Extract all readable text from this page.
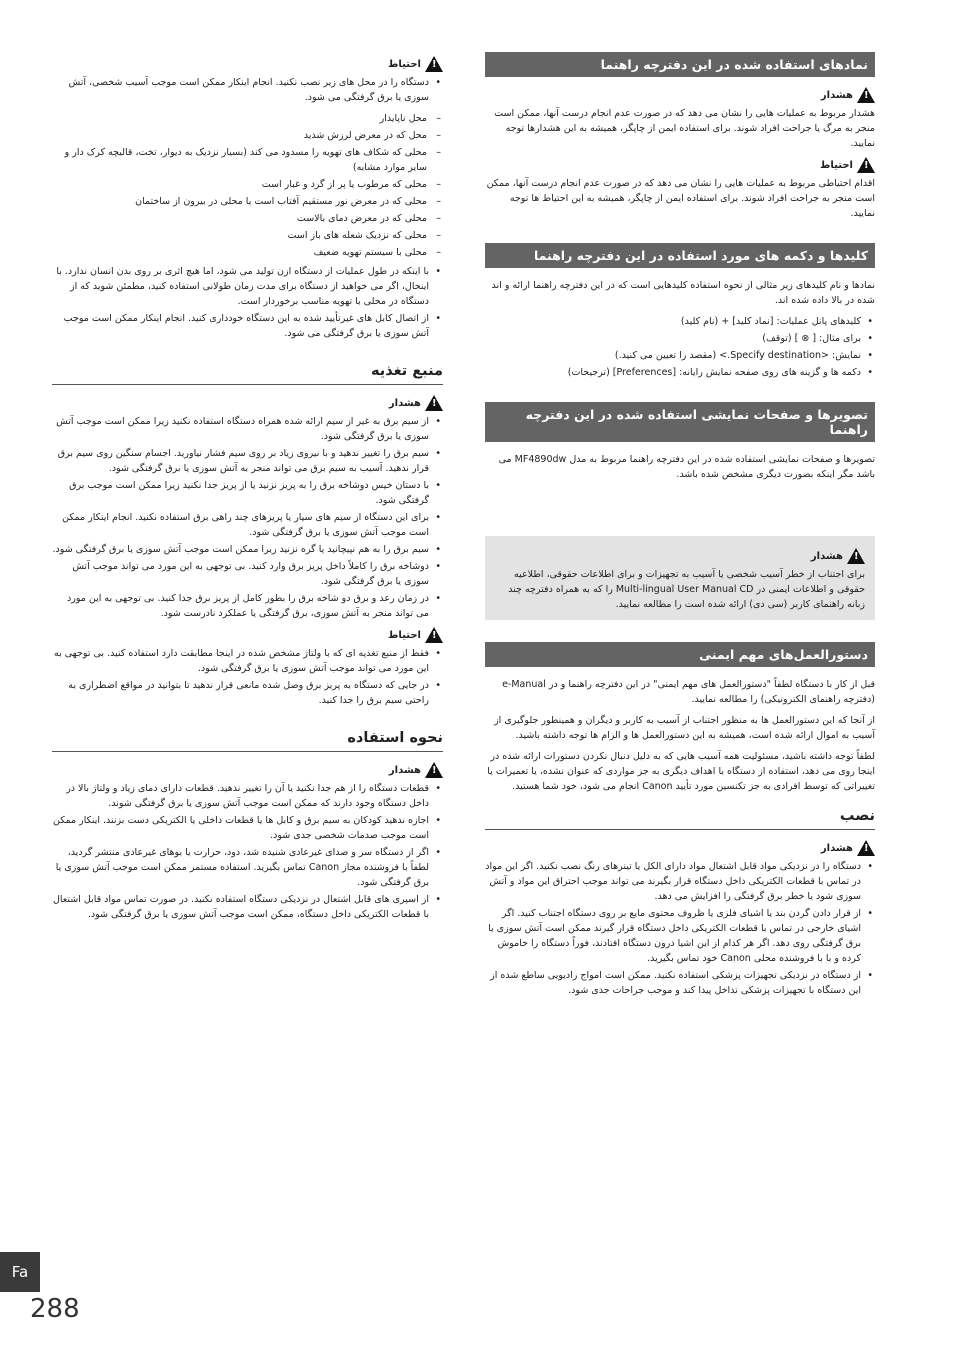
!
احتیاط
• دستگاه را در محل های زیر نصب نکنید. انجام اینکار ممکن است موجب آسیب شخصی، آتش سوزی یا برق گرفتگی می شود.
– محل ناپایدار
– محل که در معرض لرزش شدید
– محلی که شکاف های تهویه را مسدود می کند (بسیار نزدیک به دیوار، تخت، قالیچه کرک دار و سایر موارد مشابه)
– محلی که مرطوب یا پر از گرد و غبار است
– محلی که در معرض نور مستقیم آفتاب است یا محلی در بیرون از ساختمان
– محلی که در معرض دمای بالاست
– محلی که نزدیک شعله های باز است
– محلی با سیستم تهویه ضعیف
• با اینکه در طول عملیات از دستگاه ازن تولید می شود، اما هیچ اثری بر روی بدن انسان ندارد. با اینحال، اگر می خواهید از دستگاه برای مدت زمان طولانی استفاده کنید، مطمئن شوید که از دستگاه در محلی با تهویه مناسب برخوردار است.
• از اتصال کابل های غیرتأیید شده به این دستگاه خودداری کنید. انجام اینکار ممکن است موجب آتش سوزی یا برق گرفتگی می شود.
منبع تغذیه
!
هشدار
• از سیم برق به غیر از سیم ارائه شده همراه دستگاه استفاده نکنید زیرا ممکن است موجب آتش سوزی یا برق گرفتگی شود.
• سیم برق را تغییر ندهید و با نیروی زیاد بر روی سیم فشار نیاورید. اجسام سنگین روی سیم برق قرار ندهید. آسیب به سیم برق می تواند منجر به آتش سوزی یا برق گرفتگی شود.
• با دستان خیس دوشاخه برق را به پریز نزنید یا از پریز جدا نکنید زیرا ممکن است موجب برق گرفتگی شود.
• برای این دستگاه از سیم های سیار یا پریزهای چند راهی برق استفاده نکنید. انجام اینکار ممکن است موجب آتش سوزی یا برق گرفتگی شود.
• سیم برق را به هم نپیچانید یا گره نزنید زیرا ممکن است موجب آتش سوزی یا برق گرفتگی شود.
• دوشاخه برق را کاملاً داخل پریز برق وارد کنید. بی توجهی به این مورد می تواند موجب آتش سوزی یا برق گرفتگی شود.
• در زمان رعد و برق دو شاخه برق را بطور کامل از پریز برق جدا کنید. بی توجهی به این مورد می تواند منجر به آتش سوزی، برق گرفتگی یا عملکرد نادرست شود.
!
احتیاط
• فقط از منبع تغذیه ای که با ولتاژ مشخص شده در اینجا مطابقت دارد استفاده کنید. بی توجهی به این مورد می تواند موجب آتش سوزی یا برق گرفتگی شود.
• در جایی که دستگاه به پریز برق وصل شده مانعی قرار ندهید تا بتوانید در مواقع اضطراری به راحتی سیم برق را جدا کنید.
نحوه استفاده
!
هشدار
• قطعات دستگاه را از هم جدا نکنید یا آن را تغییر ندهید. قطعات دارای دمای زیاد و ولتاژ بالا در داخل دستگاه وجود دارند که ممکن است موجب آتش سوزی یا برق گرفتگی شوند.
• اجازه ندهید کودکان به سیم برق و کابل ها یا قطعات داخلی یا الکتریکی دست بزنند. اینکار ممکن است موجب صدمات شخصی جدی شود.
• اگر از دستگاه سر و صدای غیرعادی شنیده شد، دود، حرارت یا بوهای غیرعادی منتشر گردید، لطفاً با فروشنده مجاز Canon تماس بگیرید. استفاده مستمر ممکن است موجب آتش سوزی یا برق گرفتگی شود.
• از اسپری های قابل اشتعال در نزدیکی دستگاه استفاده نکنید. در صورت تماس مواد قابل اشتعال با قطعات الکتریکی داخل دستگاه، ممکن است موجب آتش سوزی یا برق گرفتگی شود.
نمادهای استفاده شده در این دفترچه راهنما
!
هشدار

هشدار مربوط به عملیات هایی را نشان می دهد که در صورت عدم انجام درست آنها، ممکن است منجر به مرگ یا جراحت افراد شوند. برای استفاده ایمن از چاپگر، همیشه به این هشدارها توجه نمایید.

!
احتیاط

اقدام احتیاطی مربوط به عملیات هایی را نشان می دهد که در صورت عدم انجام درست آنها، ممکن است منجر به جراحت افراد شوند. برای استفاده ایمن از چاپگر، همیشه به این احتیاط ها توجه نمایید.

کلیدها و دکمه های مورد استفاده در این دفترچه راهنما

نمادها و نام کلیدهای زیر مثالی از نحوه استفاده کلیدهایی است که در این دفترچه راهنما ارائه و اند شده در بالا داده شده اند.

• کلیدهای پانل عملیات: [نماد کلید] + (نام کلید)
• برای مثال: [ ⊗ ] (توقف)
• نمایش: <Specify destination.> (مقصد را تعیین می کنید.)
• دکمه ها و گزینه های روی صفحه نمایش رایانه: [Preferences] (ترجیحات)
تصویرها و صفحات نمایشی استفاده شده در این دفترچه راهنما

تصویرها و صفحات نمایشی استفاده شده در این دفترچه راهنما مربوط به مدل MF4890dw می باشد مگر اینکه بصورت دیگری مشخص شده باشد.

!
هشدار

برای اجتناب از خطر آسیب شخصی یا آسیب به تجهیزات و برای اطلاعات حقوقی، اطلاعیه حقوقی و اطلاعات ایمنی در Multi-lingual User Manual CD را که به همراه دفترچه چند زبانه راهنمای کاربر (سی دی) ارائه شده است را مطالعه نمایید.

دستورالعمل‌های مهم ایمنی

قبل از کار با دستگاه لطفاً "دستورالعمل های مهم ایمنی" در این دفترچه راهنما و در e-Manual (دفترچه راهنمای الکترونیکی) را مطالعه نمایید.

از آنجا که این دستورالعمل ها به منظور اجتناب از آسیب به کاربر و دیگران و همینطور جلوگیری از آسیب به اموال ارائه شده است، همیشه به این دستورالعمل ها و الزام ها توجه داشته باشید.

لطفاً توجه داشته باشید، مسئولیت همه آسیب هایی که به دلیل دنبال نکردن دستورات ارائه شده در اینجا روی می دهد، استفاده از دستگاه با اهداف دیگری به جز مواردی که عنوان نشده، یا تعمیرات یا تغییراتی که توسط افرادی به جز تکنسین مورد تأیید Canon انجام می شود، خود شما هستید.

نصب
!
هشدار
• دستگاه را در نزدیکی مواد قابل اشتعال مواد دارای الکل یا تینرهای رنگ نصب نکنید. اگر این مواد در تماس با قطعات الکتریکی داخل دستگاه قرار بگیرند می تواند موجب احتراق این مواد و آتش سوزی شود یا خطر برق گرفتگی را افزایش می دهد.
• از قرار دادن گردن بند یا اشیای فلزی یا ظروف محتوی مایع بر روی دستگاه اجتناب کنید. اگر اشیای خارجی در تماس با قطعات الکتریکی داخل دستگاه قرار گیرند ممکن است آتش سوزی یا برق گرفتگی روی دهد. اگر هر کدام از این اشیا درون دستگاه افتادند، فوراً دستگاه را خاموش کرده و با با فروشنده محلی Canon خود تماس بگیرید.
• از دستگاه در نزدیکی تجهیزات پزشکی استفاده نکنید. ممکن است امواج رادیویی ساطع شده از این دستگاه با تجهیزات پزشکی تداخل پیدا کند و موجب جراحات جدی شود.
Fa
288
